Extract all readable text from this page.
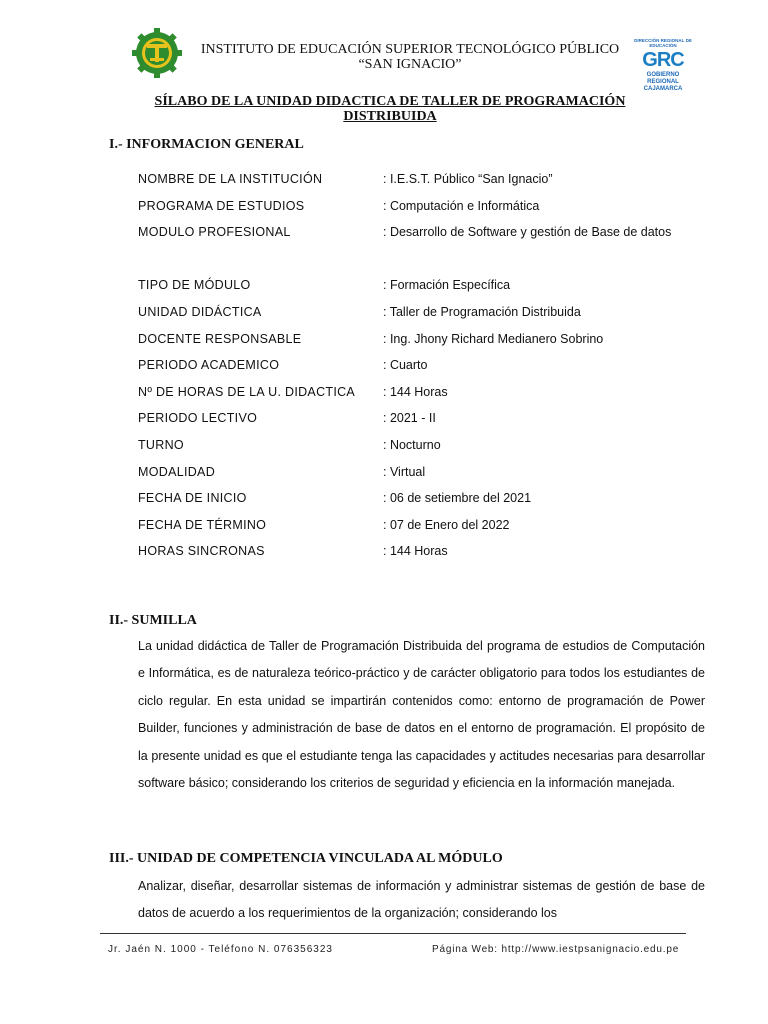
INSTITUTO DE EDUCACIÓN SUPERIOR TECNOLÓGICO PÚBLICO
“SAN IGNACIO”
DIRECCIÓN REGIONAL DE EDUCACIÓN
GRC
GOBIERNO REGIONAL CAJAMARCA
SÍLABO DE LA UNIDAD DIDACTICA DE TALLER DE PROGRAMACIÓN
DISTRIBUIDA
I.- INFORMACION GENERAL
NOMBRE DE LA INSTITUCIÓN	: I.E.S.T. Público “San Ignacio”
PROGRAMA DE ESTUDIOS	: Computación e Informática
MODULO PROFESIONAL	: Desarrollo de Software y gestión de Base de datos
TIPO DE MÓDULO	: Formación Específica
UNIDAD DIDÁCTICA	: Taller de Programación Distribuida
DOCENTE RESPONSABLE	: Ing. Jhony Richard Medianero Sobrino
PERIODO ACADEMICO	: Cuarto
Nº DE HORAS DE LA U. DIDACTICA	: 144 Horas
PERIODO LECTIVO	: 2021 - II
TURNO	: Nocturno
MODALIDAD	: Virtual
FECHA DE INICIO	: 06 de setiembre del 2021
FECHA DE TÉRMINO	: 07 de Enero del 2022
HORAS SINCRONAS	: 144 Horas
II.- SUMILLA

La unidad didáctica de Taller de Programación Distribuida del programa de estudios de Computación e Informática, es de naturaleza teórico-práctico y de carácter obligatorio para todos los estudiantes de ciclo regular. En esta unidad se impartirán contenidos como: entorno de programación de Power Builder, funciones y administración de base de datos en el entorno de programación. El propósito de la presente unidad es que el estudiante tenga las capacidades y actitudes necesarias para desarrollar software básico; considerando los criterios de seguridad y eficiencia en la información manejada.

III.- UNIDAD DE COMPETENCIA VINCULADA AL MÓDULO

Analizar, diseñar, desarrollar sistemas de información y administrar sistemas de gestión de base de datos de acuerdo a los requerimientos de la organización; considerando los

Jr. Jaén N. 1000 - Teléfono N. 076356323	Página Web: http://www.iestpsanignacio.edu.pe
